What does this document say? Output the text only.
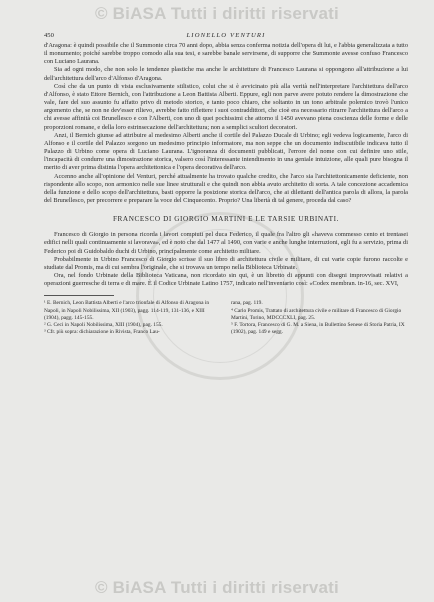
© BiASA Tutti i diritti riservati
450	LIONELLO VENTURI

d'Aragona: è quindi possibile che il Summonte circa 70 anni dopo, abbia senza conferma notizia dell'opera di lui, e l'abbia generalizzata a tutto il monumento; poiché sarebbe troppo comodo alla sua tesi, e sarebbe banale servirsene, di supporre che Summonte avesse confuso Francesco con Luciano Laurana.

Sia ad ogni modo, che non solo le tendenze plastiche ma anche le architetture di Francesco Laurana si oppongono all'attribuzione a lui dell'architettura dell'arco d'Alfonso d'Aragona.

Così che da un punto di vista esclusivamente stilistico, colui che si è avvicinato più alla verità nell'interpretare l'architettura dell'arco d'Alfonso, è stato Ettore Bernich, con l'attribuzione a Leon Battista Alberti. Eppure, egli non parve avere potuto rendere la dimostrazione che vale, fare del suo assunto fu affatto privo di metodo storico, e tanto poco chiaro, che soltanto in un tono arbitrale polemico trovò l'unico argomento che, se non ne dev'esser rilievo, avrebbe fatto riflettere i suoi contraddittori, che cioè era necessario ritrarre l'architettura dell'arco a chi avesse affinità coi Brunellesco e con l'Alberti, con uno di quei pochissimi che attorno il 1450 avevano piena coscienza delle forme e delle proporzioni romane, e della loro estrinsecazione dell'architettura; non a semplici scultori decoratori.

Anzi, il Bernich giunse ad attribuire al medesimo Alberti anche il cortile del Palazzo Ducale di Urbino; egli vedeva logicamente, l'arco di Alfonso e il cortile del Palazzo sorgono un medesimo principio informatore, ma non seppe che un documento indiscutibile indicava tutto il Palazzo di Urbino come opera di Luciano Laurana. L'ignoranza di documenti pubblicati, l'errore del nome con cui definire uno stile, l'incapacità di condurre una dimostrazione storica, valsero così l'interessante intendimento in una geniale intuizione, alle quali pure bisogna il merito di aver prima distinta l'opera architettonica e l'opera decorativa dell'arco.

Accenno anche all'opinione del Venturi, perché attualmente ha trovato qualche credito, che l'arco sia l'architettonicamente deficiente, non rispondente allo scopo, non armonico nelle sue linee strutturali e che quindi non abbia avuto architetto di sorta. A tale concezione accademica della funzione e dello scopo dell'architettura, basti opporre la posizione storica dell'arco, che ai dilettanti dell'antica parola di allora, la parola del Brunellesco, per precorrere e preparare la voce del Cinquecento. Proprio? Una libertà di tal genere, proceda dal caso?

FRANCESCO DI GIORGIO MARTINI E LE TARSIE URBINATI.

Francesco di Giorgio in persona ricorda i lavori compiuti pel duca Federico, il quale fra l'altro gli «haveva commesso cento et trentasei edifici nelli quali continuamente si lavorava», ed è noto che dal 1477 al 1490, con varie e anche lunghe interruzioni, egli fu a servizio, prima di Federico poi di Guidobaldo duchi di Urbino, principalmente come architetto militare.

Probabilmente in Urbino Francesco di Giorgio scrisse il suo libro di architettura civile e militare, di cui varie copie furono raccolte e studiate dal Promis, ma di cui sembra l'originale, che si trovava un tempo nella Biblioteca Urbinate.

Ora, nel fondo Urbinate della Biblioteca Vaticana, non ricordato sin qui, è un libretto di appunti con disegni improvvisati relativi a operazioni guerresche di terra e di mare. È il Codice Urbinate Latino 1757, indicato nell'inventario così: «Codex membran. in-16, sec. XVI,

¹ E. Bernich, Leon Battista Alberti e l'arco trionfale di Alfonso di Aragona in Napoli, in Napoli Nobilissima, XII (1903), pagg. 114-119, 131-136, e XIII (1904), pagg. 145-155.
² G. Ceci in Napoli Nobilissima, XIII (1904), pag. 155.
³ Cfr. più sopra: dichiarazione in Rivista, Franco Lau-
rana, pag. 119.
⁴ Carlo Promis, Trattato di architettura civile e militare di Francesco di Giorgio Martini, Torino, MDCCCXLI, pag. 25.
⁵ F. Tortora, Francesco di G. M. a Siena, in Bullettino Senese di Storia Patria, IX (1902), pag. 149 e segg.
© BiASA Tutti i diritti riservati
